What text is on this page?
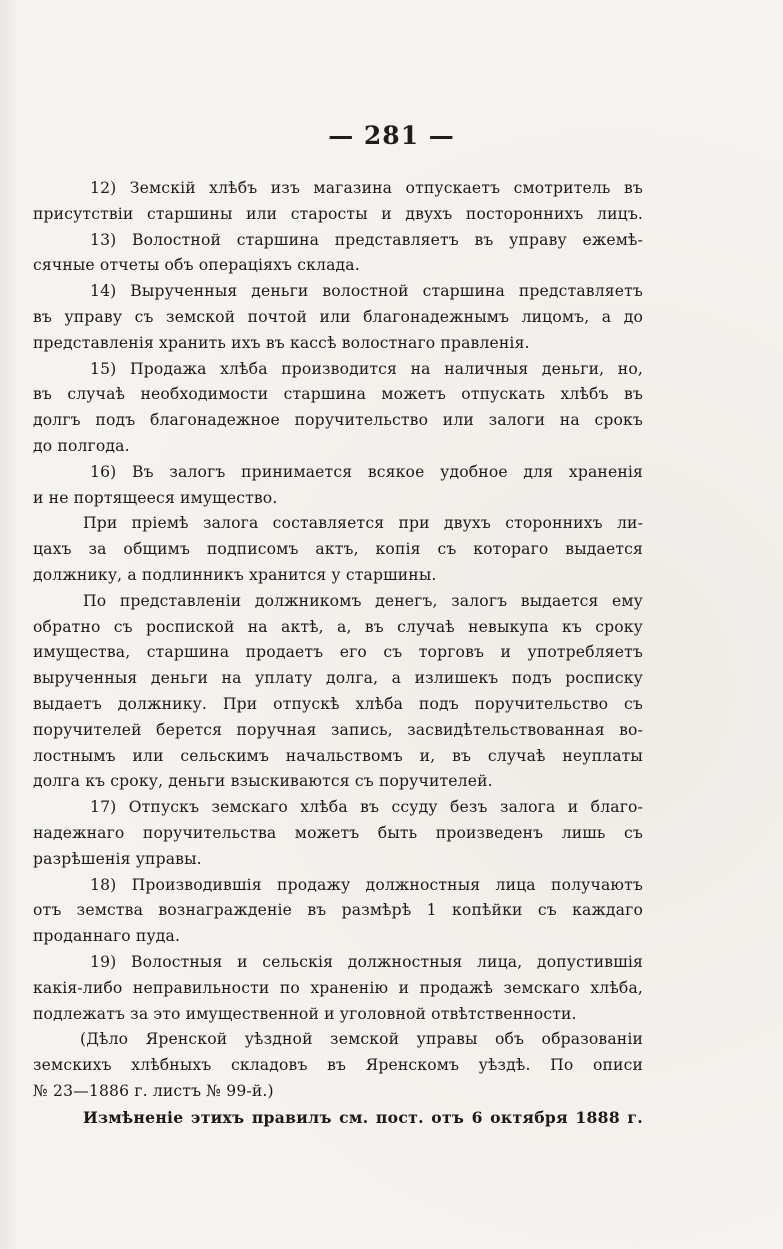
— 281 —
12) Земскій хлѣбъ изъ магазина отпускаетъ смотритель въ
присутствіи старшины или старосты и двухъ постороннихъ лицъ.
13) Волостной старшина представляетъ въ управу ежемѣ-
сячные отчеты объ операціяхъ склада.
14) Вырученныя деньги волостной старшина представляетъ
въ управу съ земской почтой или благонадежнымъ лицомъ, а до
представленія хранить ихъ въ кассѣ волостнаго правленія.
15) Продажа хлѣба производится на наличныя деньги, но,
въ случаѣ необходимости старшина можетъ отпускать хлѣбъ въ
долгъ подъ благонадежное поручительство или залоги на срокъ
до полгода.
16) Въ залогъ принимается всякое удобное для храненія
и не портящееся имущество.
При пріемѣ залога составляется при двухъ стороннихъ ли-
цахъ за общимъ подписомъ актъ, копія съ котораго выдается
должнику, а подлинникъ хранится у старшины.
По представленіи должникомъ денегъ, залогъ выдается ему
обратно съ роспиской на актѣ, а, въ случаѣ невыкупа къ сроку
имущества, старшина продаетъ его съ торговъ и употребляетъ
вырученныя деньги на уплату долга, а излишекъ подъ роспиcку
выдаетъ должнику. При отпускѣ хлѣба подъ поручительство съ
поручителей берется поручная запись, засвидѣтельствованная во-
лостнымъ или сельскимъ начальствомъ и, въ случаѣ неуплаты
долга къ сроку, деньги взыскиваются съ поручителей.
17) Отпускъ земскаго хлѣба въ ссуду безъ залога и благо-
надежнаго поручительства можетъ быть произведенъ лишь съ
разрѣшенія управы.
18) Производившія продажу должностныя лица получаютъ
отъ земства вознагражденіе въ размѣрѣ 1 копѣйки съ каждаго
проданнаго пуда.
19) Волостныя и сельскія должностныя лица, допустившія
какія-либо неправильности по храненію и продажѣ земскаго хлѣба,
подлежатъ за это имущественной и уголовной отвѣтственности.
(Дѣло Яренской уѣздной земской управы объ образованіи
земскихъ хлѣбныхъ складовъ въ Яренскомъ уѣздѣ. По описи
№ 23—1886 г. листъ № 99-й.)
Измѣненіе этихъ правилъ см. пост. отъ 6 октября 1888 г.
